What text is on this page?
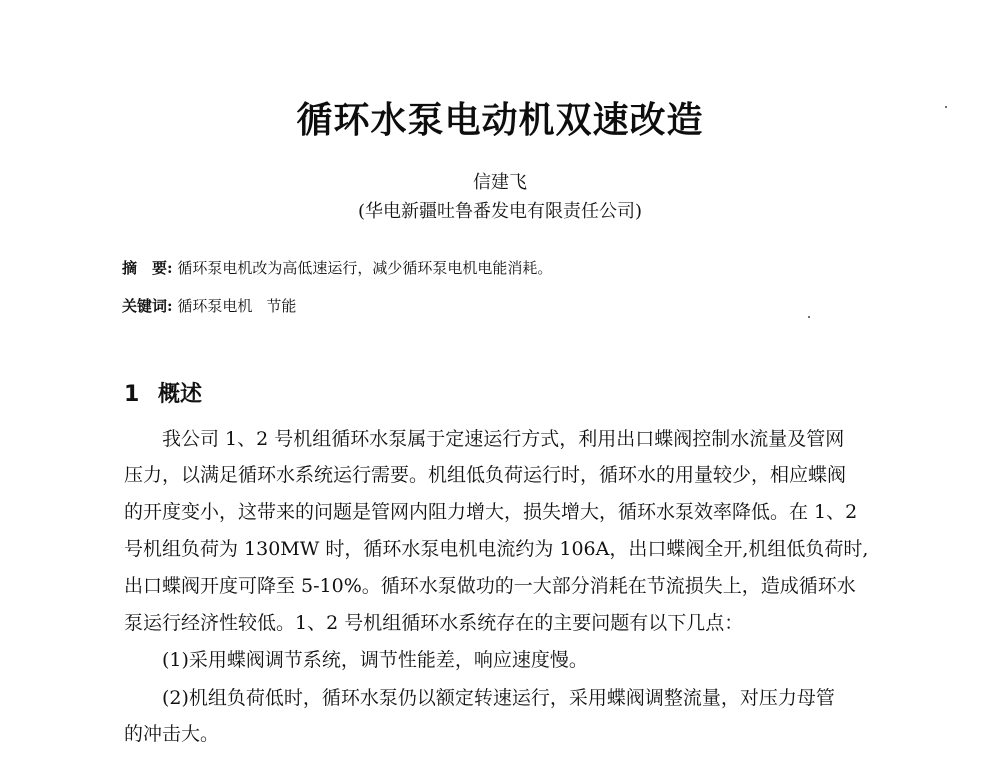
循环水泵电动机双速改造
信建飞
(华电新疆吐鲁番发电有限责任公司)
摘　要: 循环泵电机改为高低速运行，减少循环泵电机电能消耗。
关键词: 循环泵电机 节能
1 概述
我公司 1、2 号机组循环水泵属于定速运行方式，利用出口蝶阀控制水流量及管网
压力，以满足循环水系统运行需要。机组低负荷运行时，循环水的用量较少，相应蝶阀
的开度变小，这带来的问题是管网内阻力增大，损失增大，循环水泵效率降低。在 1、2
号机组负荷为 130MW 时，循环水泵电机电流约为 106A，出口蝶阀全开,机组低负荷时,
出口蝶阀开度可降至 5-10%。循环水泵做功的一大部分消耗在节流损失上，造成循环水
泵运行经济性较低。1、2 号机组循环水系统存在的主要问题有以下几点：
(1)采用蝶阀调节系统，调节性能差，响应速度慢。
(2)机组负荷低时，循环水泵仍以额定转速运行，采用蝶阀调整流量，对压力母管
的冲击大。
